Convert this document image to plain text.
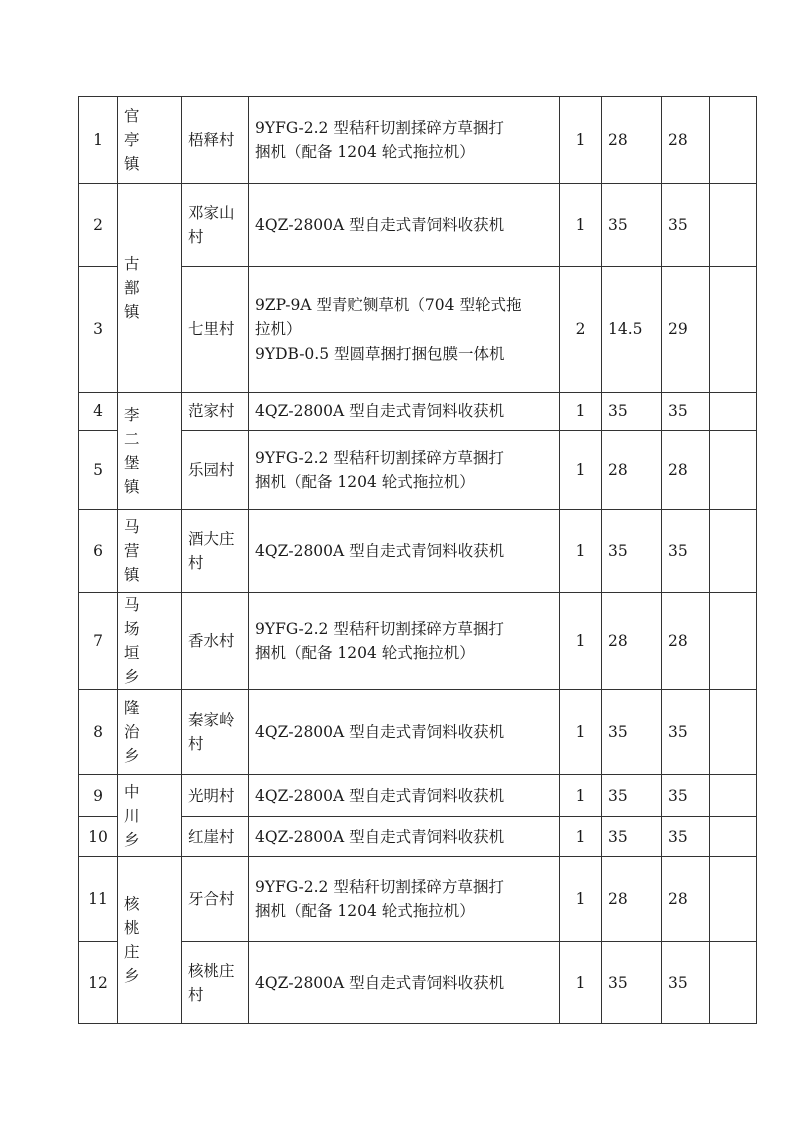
1	官亭镇	梧释村	9YFG-2.2 型秸秆切割揉碎方草捆打
捆机（配备 1204 轮式拖拉机）	1	28	28	
2	古鄯镇	邓家山村	4QZ-2800A 型自走式青饲料收获机	1	35	35	
3		七里村	9ZP-9A 型青贮铡草机（704 型轮式拖
拉机）
9YDB-0.5 型圆草捆打捆包膜一体机	2	14.5	29	
4	李二堡镇	范家村	4QZ-2800A 型自走式青饲料收获机	1	35	35	
5		乐园村	9YFG-2.2 型秸秆切割揉碎方草捆打
捆机（配备 1204 轮式拖拉机）	1	28	28	
6	马营镇	酒大庄村	4QZ-2800A 型自走式青饲料收获机	1	35	35	
7	马场垣乡	香水村	9YFG-2.2 型秸秆切割揉碎方草捆打
捆机（配备 1204 轮式拖拉机）	1	28	28	
8	隆治乡	秦家岭村	4QZ-2800A 型自走式青饲料收获机	1	35	35	
9	中川乡	光明村	4QZ-2800A 型自走式青饲料收获机	1	35	35	
10		红崖村	4QZ-2800A 型自走式青饲料收获机	1	35	35	
11	核桃庄乡	牙合村	9YFG-2.2 型秸秆切割揉碎方草捆打
捆机（配备 1204 轮式拖拉机）	1	28	28	
12		核桃庄村	4QZ-2800A 型自走式青饲料收获机	1	35	35	
